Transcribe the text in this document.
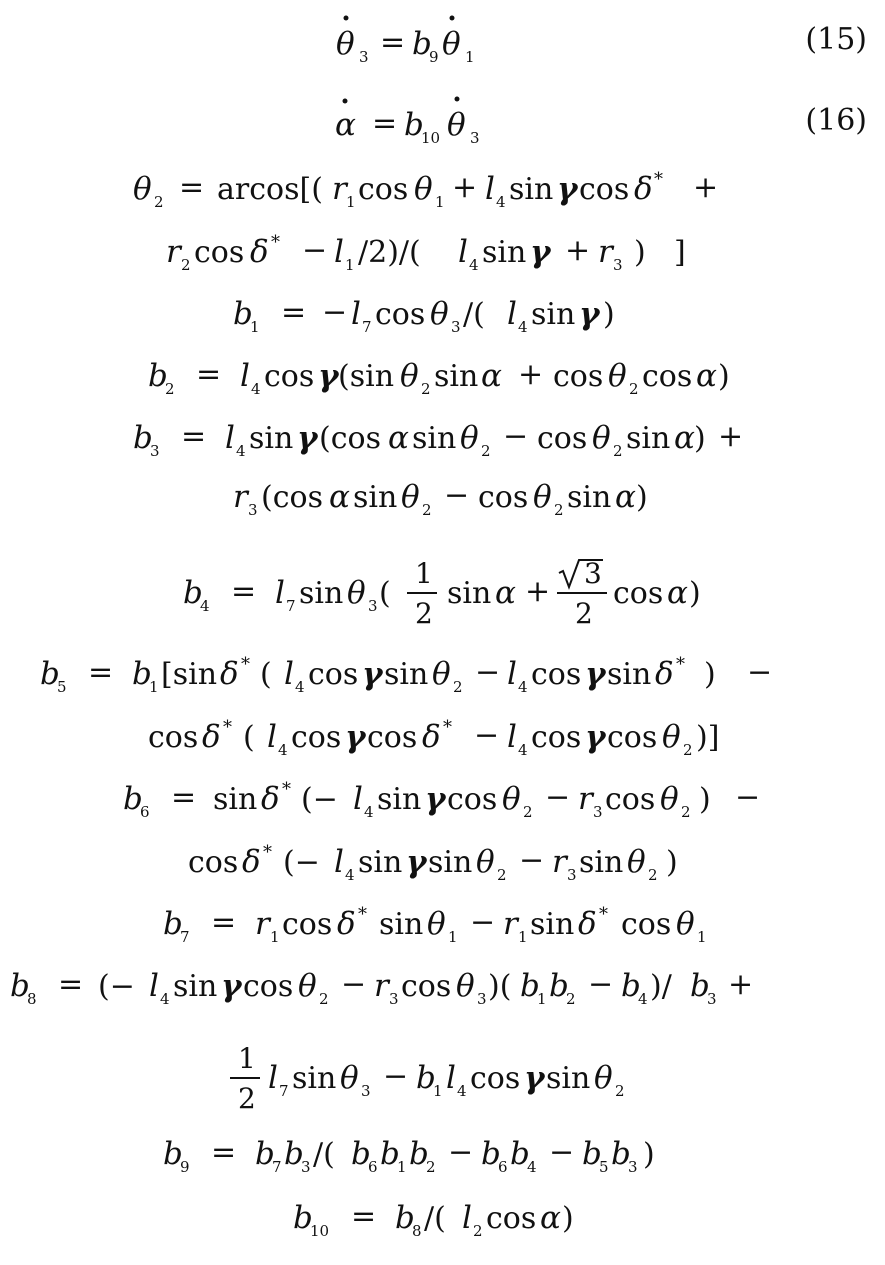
θ 3 = b
9 θ 1	(15)
α = b
10 θ 3	(16)
θ 2 = arcos[( r 1 cos θ 1 + l 4 sin γ cos δ * +
r 2 cos δ * − l 1 /2)/( l 4 sin γ + r 3 ) ]
b
1 = − l 7 cos θ 3 /( l 4 sin γ )
b
2 = l 4 cos γ (sin θ 2 sin α + cos θ 2 cos α )
b
3 = l 4 sin γ (cos α sin θ 2 − cos θ 2 sin α ) +
r 3 (cos α sin θ 2 − cos θ 2 sin α )
b
4 = l 7 sin θ 3 (
1
2
sin α +
3
2
cos α )
b
5 = b
1 [sin δ * ( l 4 cos γ sin θ 2 − l 4 cos γ sin δ * ) −
cos δ * ( l 4 cos γ cos δ * − l 4 cos γ cos θ 2 )]
b
6 = sin δ * (− l 4 sin γ cos θ 2 − r 3 cos θ 2 ) −
cos δ * (− l 4 sin γ sin θ 2 − r 3 sin θ 2 )
b
7 = r 1 cos δ * sin θ 1 − r 1 sin δ * cos θ 1
b
8 = (− l 4 sin γ cos θ 2 − r 3 cos θ 3 )( b
1 b
2 − b
4 )/ b
3 +
1
2
l 7 sin θ 3 − b
1 l 4 cos γ sin θ 2
b
9 = b
7 b
3 /( b
6 b
1 b
2 − b
6 b
4 − b
5 b
3 )
b
10 = b
8 /( l 2 cos α )
